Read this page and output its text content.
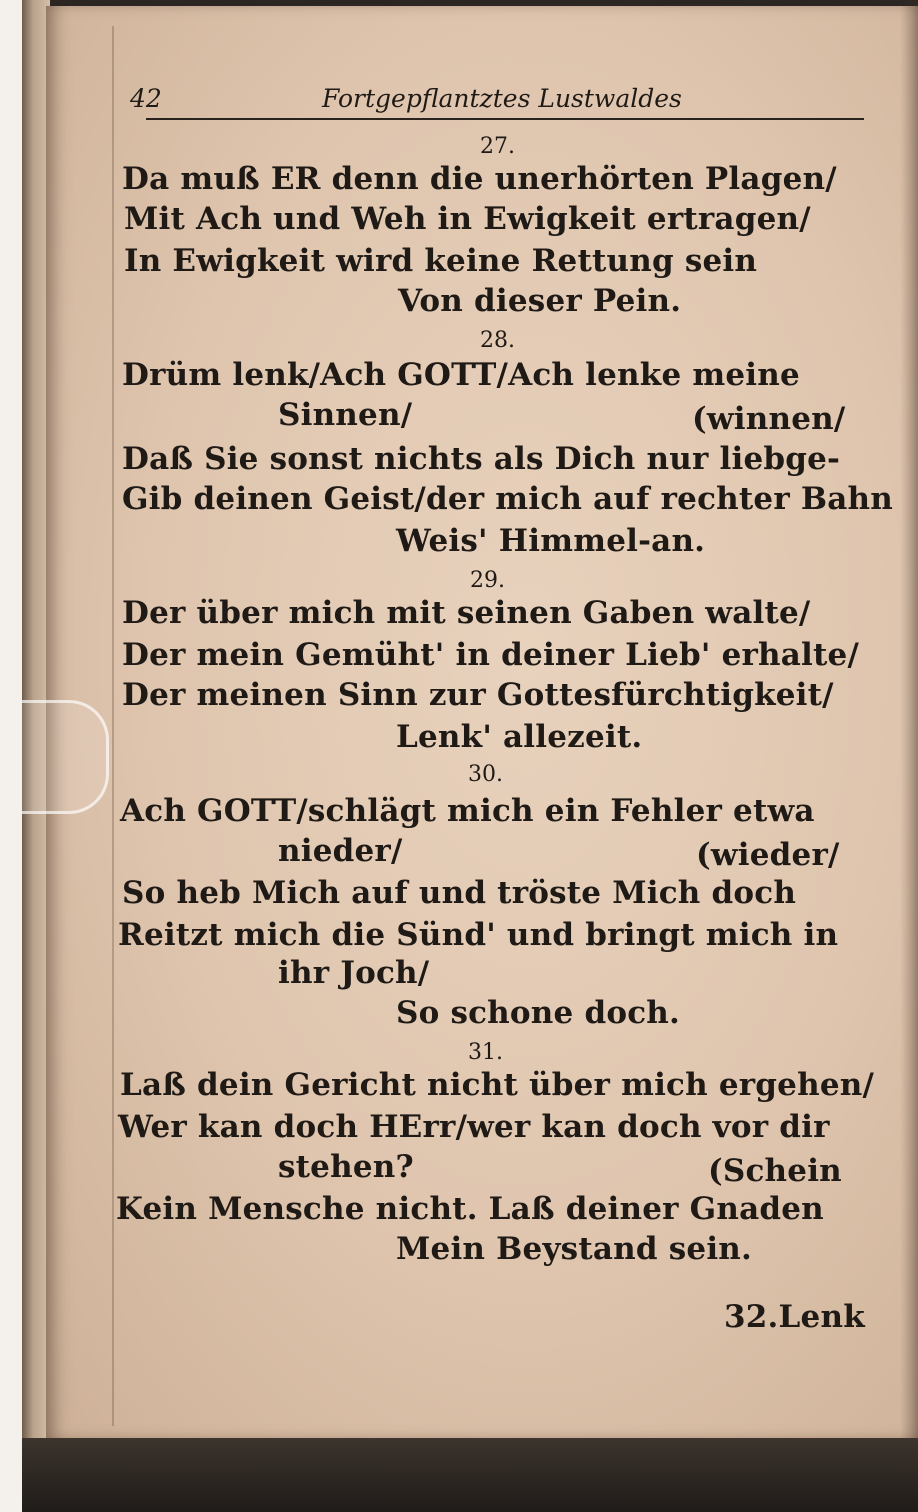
42	Fortgepflantztes Lustwaldes
27.
Da muß ER denn die unerhörten Plagen/
Mit Ach und Weh in Ewigkeit ertragen/
In Ewigkeit wird keine Rettung sein
Von dieser Pein.
28.
Drüm lenk/Ach GOTT/Ach lenke meine
Sinnen/	(winnen/
Daß Sie sonst nichts als Dich nur liebge-
Gib deinen Geist/der mich auf rechter Bahn
Weis' Himmel-an.
29.
Der über mich mit seinen Gaben walte/
Der mein Gemüht' in deiner Lieb' erhalte/
Der meinen Sinn zur Gottesfürchtigkeit/
Lenk' allezeit.
30.
Ach GOTT/schlägt mich ein Fehler etwa
nieder/	(wieder/
So heb Mich auf und tröste Mich doch
Reitzt mich die Sünd' und bringt mich in
ihr Joch/
So schone doch.
31.
Laß dein Gericht nicht über mich ergehen/
Wer kan doch HErr/wer kan doch vor dir
stehen?	(Schein
Kein Mensche nicht. Laß deiner Gnaden
Mein Beystand sein.
32.Lenk
